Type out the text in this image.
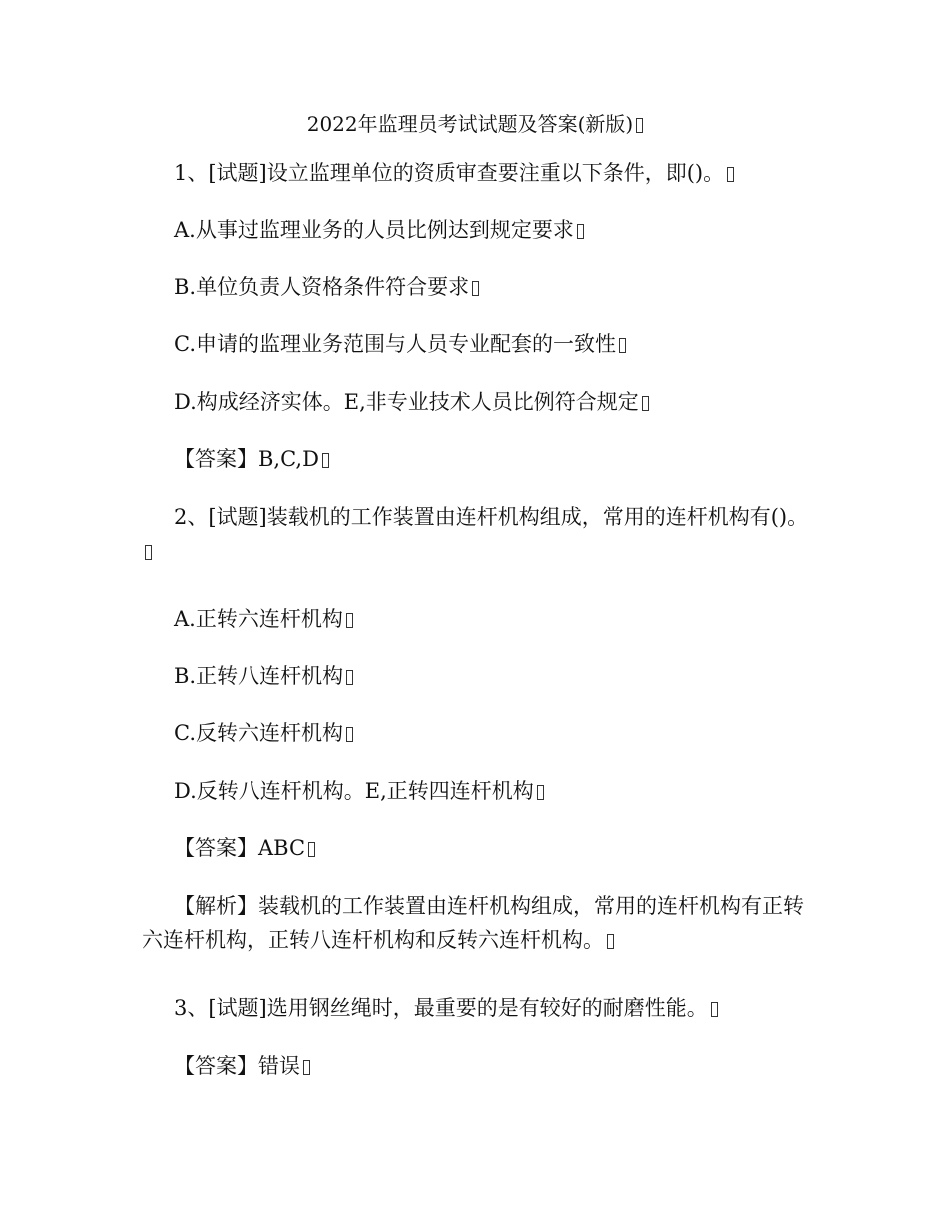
2022年监理员考试试题及答案(新版)
1、[试题]设立监理单位的资质审查要注重以下条件，即()。
A.从事过监理业务的人员比例达到规定要求
B.单位负责人资格条件符合要求
C.申请的监理业务范围与人员专业配套的一致性
D.构成经济实体。E,非专业技术人员比例符合规定
【答案】B,C,D
2、[试题]装载机的工作装置由连杆机构组成，常用的连杆机构有()。
A.正转六连杆机构
B.正转八连杆机构
C.反转六连杆机构
D.反转八连杆机构。E,正转四连杆机构
【答案】ABC
【解析】装载机的工作装置由连杆机构组成，常用的连杆机构有正转六连杆机构，正转八连杆机构和反转六连杆机构。
3、[试题]选用钢丝绳时，最重要的是有较好的耐磨性能。
【答案】错误
